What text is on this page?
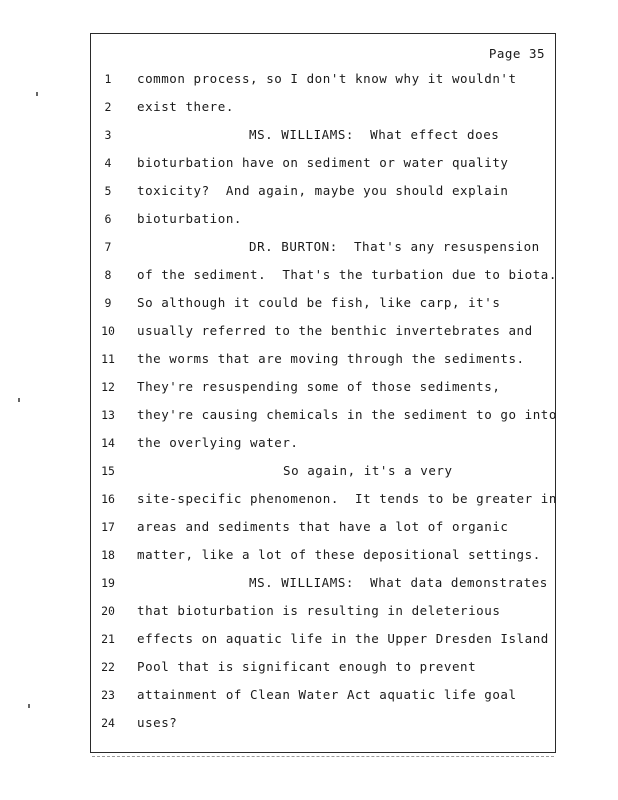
Page 35
1	common process, so I don't know why it wouldn't
2	exist there.
3	MS. WILLIAMS:  What effect does
4	bioturbation have on sediment or water quality
5	toxicity?  And again, maybe you should explain
6	bioturbation.
7	DR. BURTON:  That's any resuspension
8	of the sediment.  That's the turbation due to biota.
9	So although it could be fish, like carp, it's
10	usually referred to the benthic invertebrates and
11	the worms that are moving through the sediments.
12	They're resuspending some of those sediments,
13	they're causing chemicals in the sediment to go into
14	the overlying water.
15	So again, it's a very
16	site-specific phenomenon.  It tends to be greater in
17	areas and sediments that have a lot of organic
18	matter, like a lot of these depositional settings.
19	MS. WILLIAMS:  What data demonstrates
20	that bioturbation is resulting in deleterious
21	effects on aquatic life in the Upper Dresden Island
22	Pool that is significant enough to prevent
23	attainment of Clean Water Act aquatic life goal
24	uses?
